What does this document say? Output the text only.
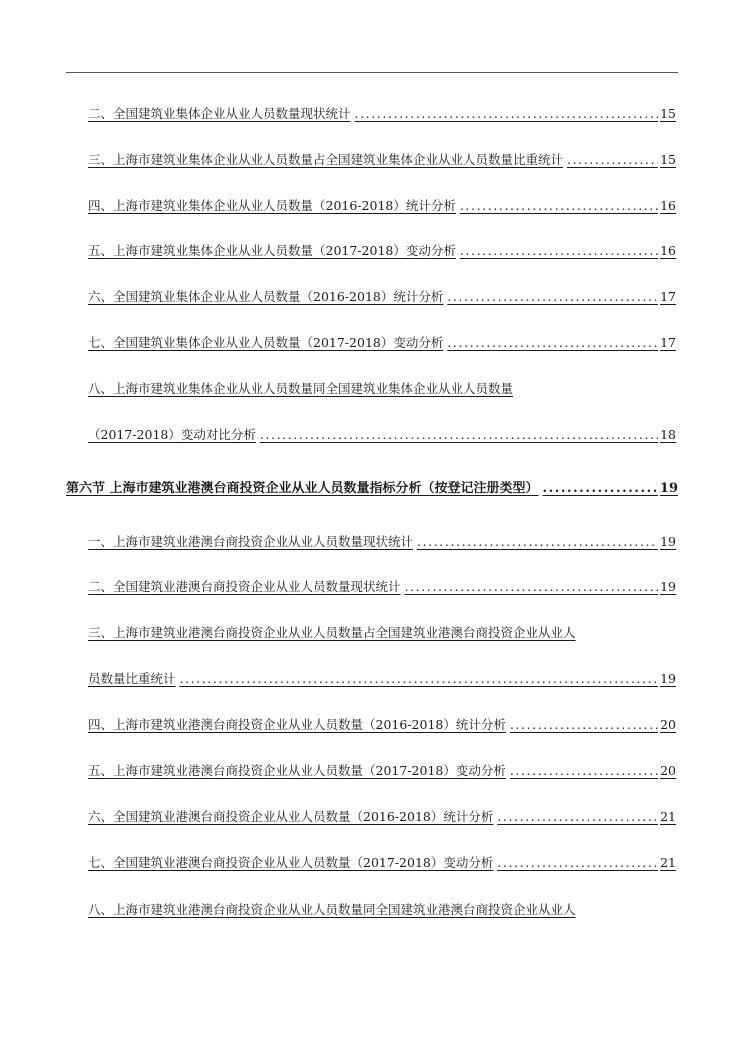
二、全国建筑业集体企业从业人员数量现状统计 .....	15
三、上海市建筑业集体企业从业人员数量占全国建筑业集体企业从业人员数量比重统计 .....	15
四、上海市建筑业集体企业从业人员数量（2016-2018）统计分析 .....	16
五、上海市建筑业集体企业从业人员数量（2017-2018）变动分析 .....	16
六、全国建筑业集体企业从业人员数量（2016-2018）统计分析 .....	17
七、全国建筑业集体企业从业人员数量（2017-2018）变动分析 .....	17
八、上海市建筑业集体企业从业人员数量同全国建筑业集体企业从业人员数量
（2017-2018）变动对比分析 .....	18
第六节 上海市建筑业港澳台商投资企业从业人员数量指标分析（按登记注册类型） .....	19
一、上海市建筑业港澳台商投资企业从业人员数量现状统计 .....	19
二、全国建筑业港澳台商投资企业从业人员数量现状统计 .....	19
三、上海市建筑业港澳台商投资企业从业人员数量占全国建筑业港澳台商投资企业从业人
员数量比重统计 .....	19
四、上海市建筑业港澳台商投资企业从业人员数量（2016-2018）统计分析 .....	20
五、上海市建筑业港澳台商投资企业从业人员数量（2017-2018）变动分析 .....	20
六、全国建筑业港澳台商投资企业从业人员数量（2016-2018）统计分析 .....	21
七、全国建筑业港澳台商投资企业从业人员数量（2017-2018）变动分析 .....	21
八、上海市建筑业港澳台商投资企业从业人员数量同全国建筑业港澳台商投资企业从业人
